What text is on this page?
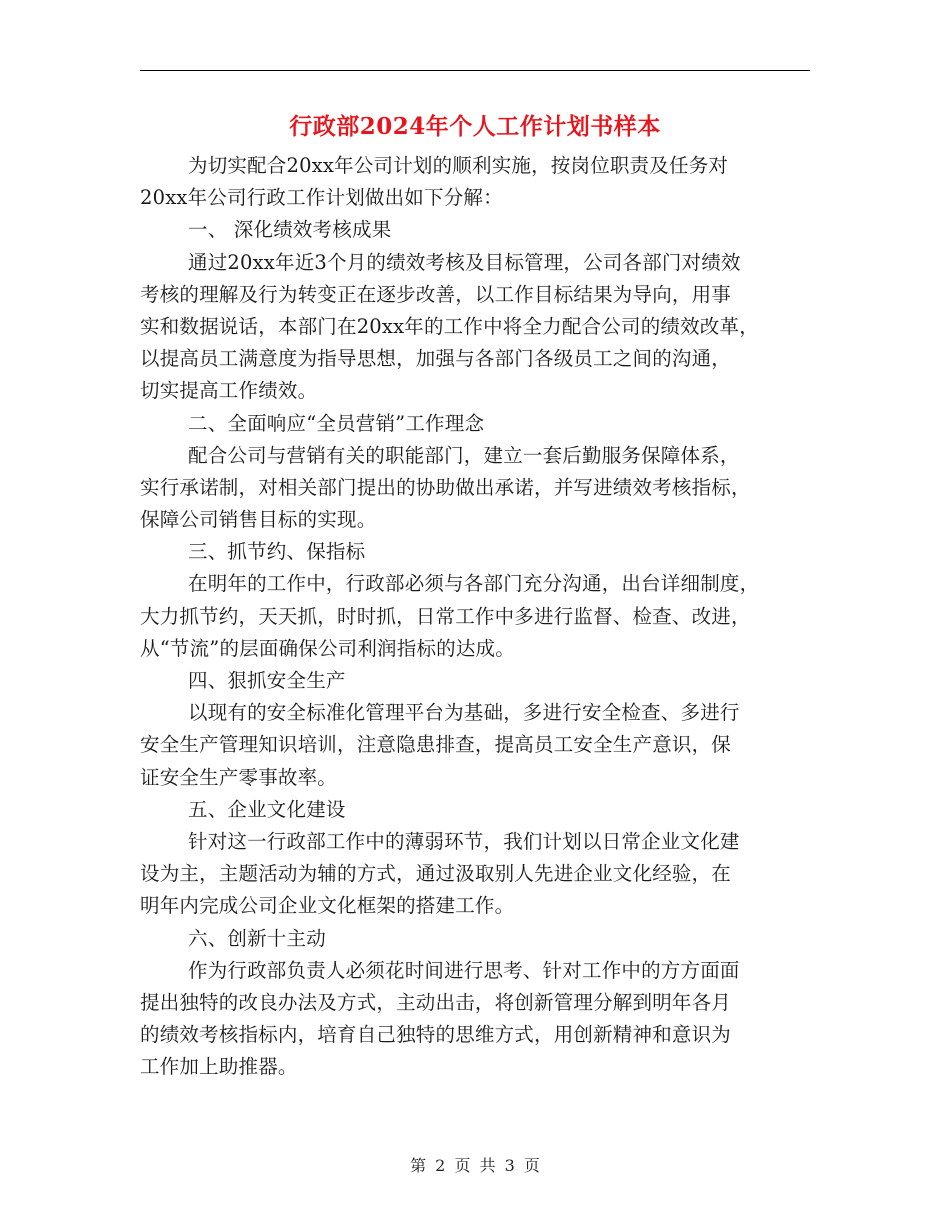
行政部2024年个人工作计划书样本
为切实配合20xx年公司计划的顺利实施，按岗位职责及任务对
20xx年公司行政工作计划做出如下分解：
一、 深化绩效考核成果
通过20xx年近3个月的绩效考核及目标管理，公司各部门对绩效
考核的理解及行为转变正在逐步改善，以工作目标结果为导向，用事
实和数据说话，本部门在20xx年的工作中将全力配合公司的绩效改革，
以提高员工满意度为指导思想，加强与各部门各级员工之间的沟通，
切实提高工作绩效。
二、全面响应“全员营销”工作理念
配合公司与营销有关的职能部门，建立一套后勤服务保障体系，
实行承诺制，对相关部门提出的协助做出承诺，并写进绩效考核指标，
保障公司销售目标的实现。
三、抓节约、保指标
在明年的工作中，行政部必须与各部门充分沟通，出台详细制度，
大力抓节约，天天抓，时时抓，日常工作中多进行监督、检查、改进，
从“节流”的层面确保公司利润指标的达成。
四、狠抓安全生产
以现有的安全标准化管理平台为基础，多进行安全检查、多进行
安全生产管理知识培训，注意隐患排查，提高员工安全生产意识，保
证安全生产零事故率。
五、企业文化建设
针对这一行政部工作中的薄弱环节，我们计划以日常企业文化建
设为主，主题活动为辅的方式，通过汲取别人先进企业文化经验，在
明年内完成公司企业文化框架的搭建工作。
六、创新十主动
作为行政部负责人必须花时间进行思考、针对工作中的方方面面
提出独特的改良办法及方式，主动出击，将创新管理分解到明年各月
的绩效考核指标内，培育自己独特的思维方式，用创新精神和意识为
工作加上助推器。
第 2 页 共 3 页
